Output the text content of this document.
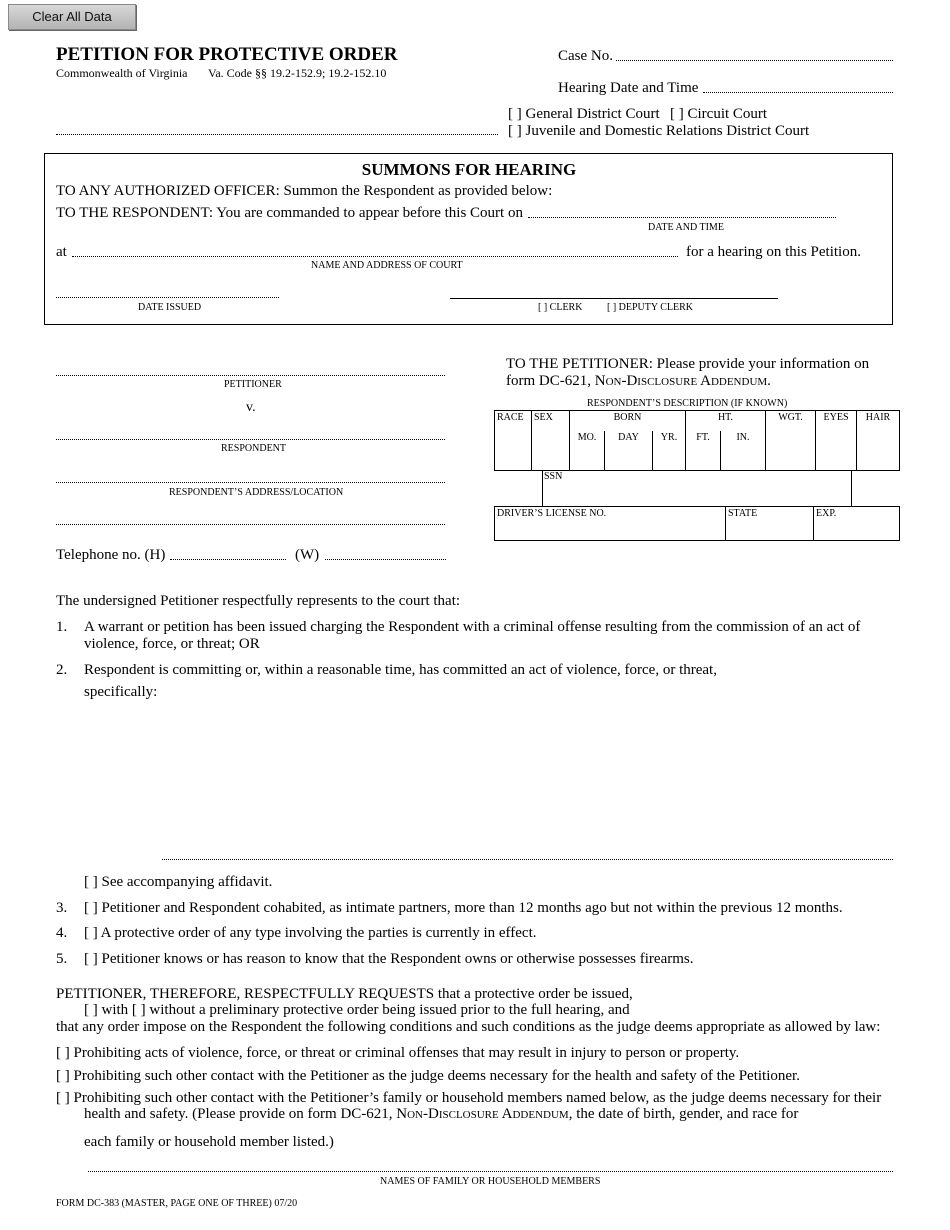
Clear All Data
PETITION FOR PROTECTIVE ORDER
Commonwealth of Virginia Va. Code §§ 19.2-152.9; 19.2-152.10
Case No.
Hearing Date and Time
[ ] General District Court [ ] Circuit Court
[ ] Juvenile and Domestic Relations District Court
SUMMONS FOR HEARING
TO ANY AUTHORIZED OFFICER: Summon the Respondent as provided below:
TO THE RESPONDENT: You are commanded to appear before this Court on
DATE AND TIME
at	for a hearing on this Petition.
NAME AND ADDRESS OF COURT
DATE ISSUED	[ ] CLERK [ ] DEPUTY CLERK
PETITIONER
v.
RESPONDENT
RESPONDENT’S ADDRESS/LOCATION
Telephone no. (H)	(W)
TO THE PETITIONER: Please provide your information on
form DC-621, Non-Disclosure Addendum.
RESPONDENT’S DESCRIPTION (IF KNOWN)
RACE	SEX	BORN			HT.		WGT.	EYES	HAIR
		MO.	DAY	YR.	FT.	IN.			
SSN
DRIVER’S LICENSE NO.	STATE	EXP.
The undersigned Petitioner respectfully represents to the court that:
1. A warrant or petition has been issued charging the Respondent with a criminal offense resulting from the commission of an act of
violence, force, or threat; OR
2. Respondent is committing or, within a reasonable time, has committed an act of violence, force, or threat,
specifically:
[ ] See accompanying affidavit.
3. [ ] Petitioner and Respondent cohabited, as intimate partners, more than 12 months ago but not within the previous 12 months.
4. [ ] A protective order of any type involving the parties is currently in effect.
5. [ ] Petitioner knows or has reason to know that the Respondent owns or otherwise possesses firearms.
PETITIONER, THEREFORE, RESPECTFULLY REQUESTS that a protective order be issued,
[ ] with [ ] without a preliminary protective order being issued prior to the full hearing, and
that any order impose on the Respondent the following conditions and such conditions as the judge deems appropriate as allowed by law:
[ ] Prohibiting acts of violence, force, or threat or criminal offenses that may result in injury to person or property.
[ ] Prohibiting such other contact with the Petitioner as the judge deems necessary for the health and safety of the Petitioner.
[ ] Prohibiting such other contact with the Petitioner’s family or household members named below, as the judge deems necessary for their
health and safety. (Please provide on form DC-621, Non-Disclosure Addendum, the date of birth, gender, and race for
each family or household member listed.)
NAMES OF FAMILY OR HOUSEHOLD MEMBERS
FORM DC-383 (MASTER, PAGE ONE OF THREE) 07/20
